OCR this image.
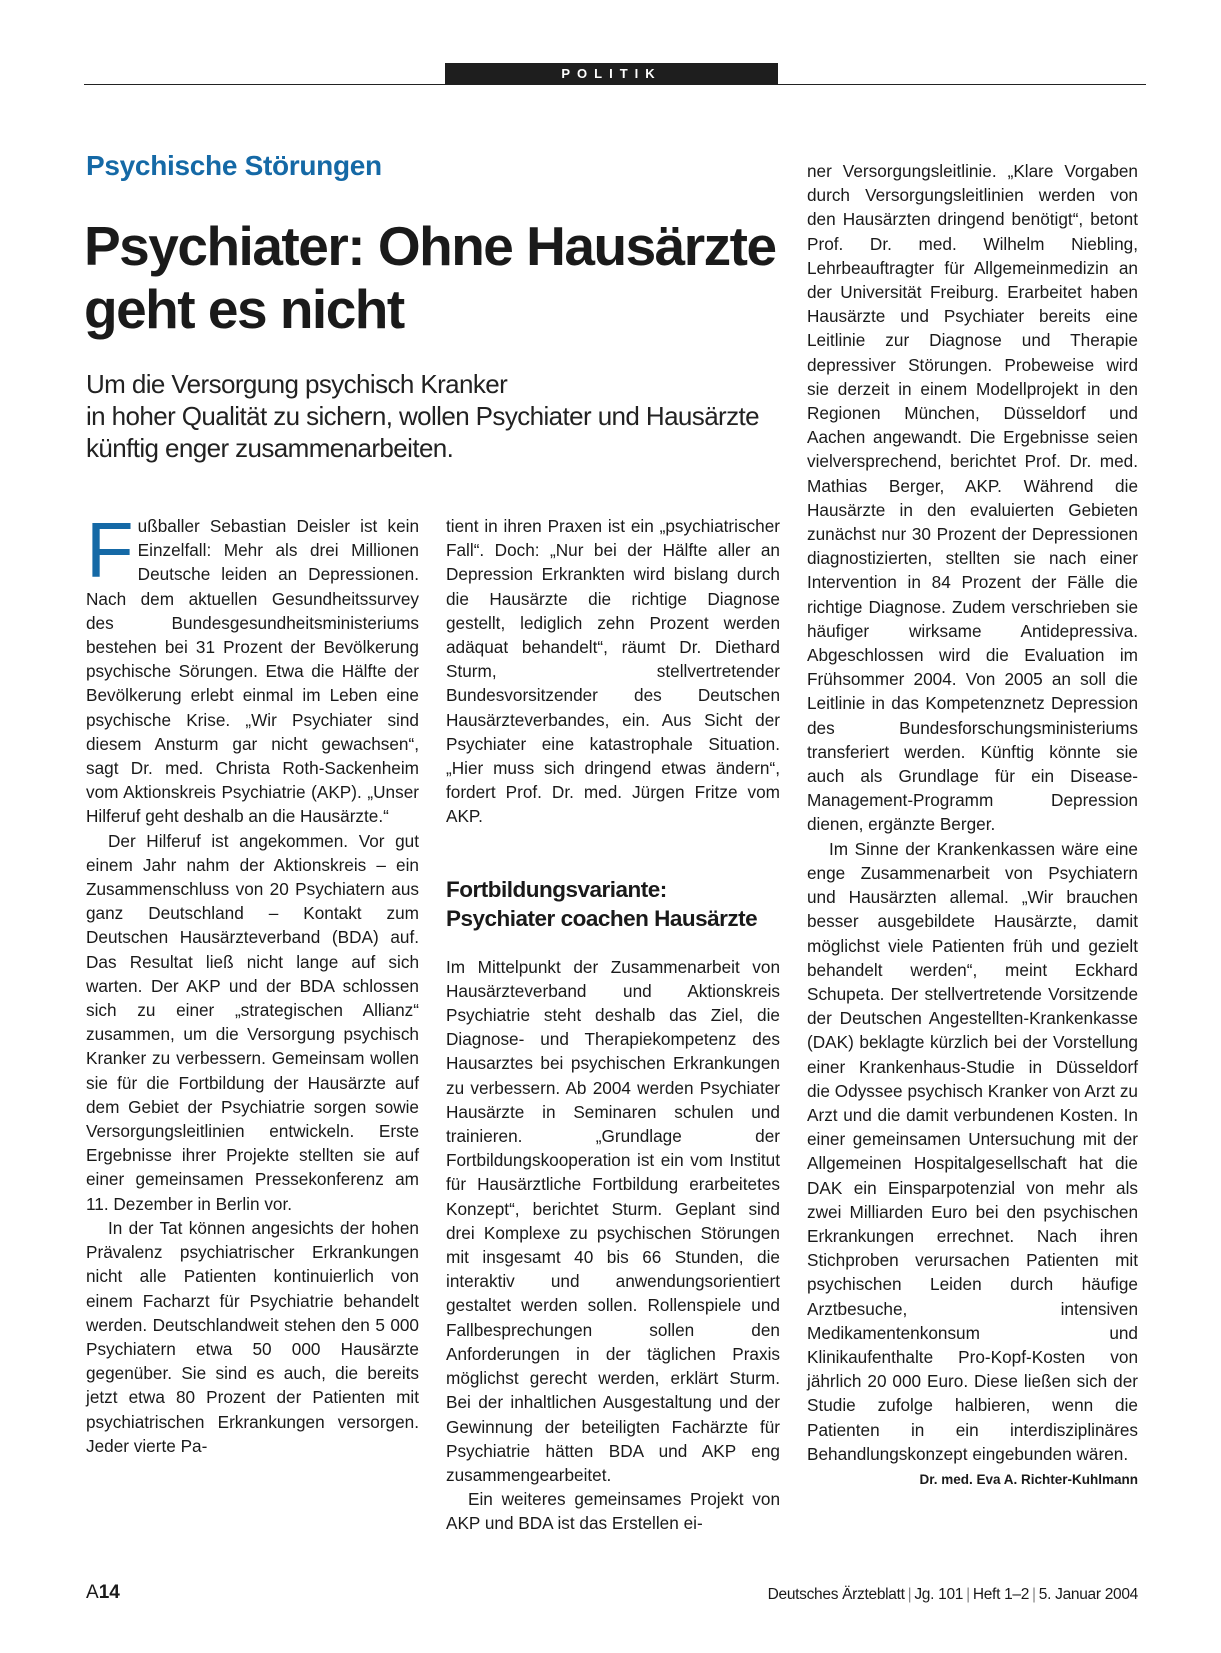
POLITIK
Psychische Störungen
Psychiater: Ohne Hausärzte
geht es nicht
Um die Versorgung psychisch Kranker
in hoher Qualität zu sichern, wollen Psychiater und Hausärzte
künftig enger zusammenarbeiten.

Fußballer Sebastian Deisler ist kein Einzelfall: Mehr als drei Millionen Deutsche leiden an Depressionen. Nach dem aktuellen Gesundheitssurvey des Bundesgesundheitsministeriums bestehen bei 31 Prozent der Bevölkerung psychische Sörungen. Etwa die Hälfte der Bevölkerung erlebt einmal im Leben eine psychische Krise. „Wir Psychiater sind diesem Ansturm gar nicht gewachsen“, sagt Dr. med. Christa Roth-Sackenheim vom Aktionskreis Psychiatrie (AKP). „Unser Hilferuf geht deshalb an die Hausärzte.“

Der Hilferuf ist angekommen. Vor gut einem Jahr nahm der Aktionskreis – ein Zusammenschluss von 20 Psychiatern aus ganz Deutschland – Kontakt zum Deutschen Hausärzteverband (BDA) auf. Das Resultat ließ nicht lange auf sich warten. Der AKP und der BDA schlossen sich zu einer „strategischen Allianz“ zusammen, um die Versorgung psychisch Kranker zu verbessern. Gemeinsam wollen sie für die Fortbildung der Hausärzte auf dem Gebiet der Psychiatrie sorgen sowie Versorgungsleitlinien entwickeln. Erste Ergebnisse ihrer Projekte stellten sie auf einer gemeinsamen Pressekonferenz am 11. Dezember in Berlin vor.

In der Tat können angesichts der hohen Prävalenz psychiatrischer Erkrankungen nicht alle Patienten kontinuierlich von einem Facharzt für Psychiatrie behandelt werden. Deutschlandweit stehen den 5 000 Psychiatern etwa 50 000 Hausärzte gegenüber. Sie sind es auch, die bereits jetzt etwa 80 Prozent der Patienten mit psychiatrischen Erkrankungen versorgen. Jeder vierte Pa-

tient in ihren Praxen ist ein „psychiatrischer Fall“. Doch: „Nur bei der Hälfte aller an Depression Erkrankten wird bislang durch die Hausärzte die richtige Diagnose gestellt, lediglich zehn Prozent werden adäquat behandelt“, räumt Dr. Diethard Sturm, stellvertretender Bundesvorsitzender des Deutschen Hausärzteverbandes, ein. Aus Sicht der Psychiater eine katastrophale Situation. „Hier muss sich dringend etwas ändern“, fordert Prof. Dr. med. Jürgen Fritze vom AKP.

Fortbildungsvariante:
Psychiater coachen Hausärzte

Im Mittelpunkt der Zusammenarbeit von Hausärzteverband und Aktionskreis Psychiatrie steht deshalb das Ziel, die Diagnose- und Therapiekompetenz des Hausarztes bei psychischen Erkrankungen zu verbessern. Ab 2004 werden Psychiater Hausärzte in Seminaren schulen und trainieren. „Grundlage der Fortbildungskooperation ist ein vom Institut für Hausärztliche Fortbildung erarbeitetes Konzept“, berichtet Sturm. Geplant sind drei Komplexe zu psychischen Störungen mit insgesamt 40 bis 66 Stunden, die interaktiv und anwendungsorientiert gestaltet werden sollen. Rollenspiele und Fallbesprechungen sollen den Anforderungen in der täglichen Praxis möglichst gerecht werden, erklärt Sturm. Bei der inhaltlichen Ausgestaltung und der Gewinnung der beteiligten Fachärzte für Psychiatrie hätten BDA und AKP eng zusammengearbeitet.

Ein weiteres gemeinsames Projekt von AKP und BDA ist das Erstellen ei-

ner Versorgungsleitlinie. „Klare Vorgaben durch Versorgungsleitlinien werden von den Hausärzten dringend benötigt“, betont Prof. Dr. med. Wilhelm Niebling, Lehrbeauftragter für Allgemeinmedizin an der Universität Freiburg. Erarbeitet haben Hausärzte und Psychiater bereits eine Leitlinie zur Diagnose und Therapie depressiver Störungen. Probeweise wird sie derzeit in einem Modellprojekt in den Regionen München, Düsseldorf und Aachen angewandt. Die Ergebnisse seien vielversprechend, berichtet Prof. Dr. med. Mathias Berger, AKP. Während die Hausärzte in den evaluierten Gebieten zunächst nur 30 Prozent der Depressionen diagnostizierten, stellten sie nach einer Intervention in 84 Prozent der Fälle die richtige Diagnose. Zudem verschrieben sie häufiger wirksame Antidepressiva. Abgeschlossen wird die Evaluation im Frühsommer 2004. Von 2005 an soll die Leitlinie in das Kompetenznetz Depression des Bundesforschungsministeriums transferiert werden. Künftig könnte sie auch als Grundlage für ein Disease-Management-Programm Depression dienen, ergänzte Berger.

Im Sinne der Krankenkassen wäre eine enge Zusammenarbeit von Psychiatern und Hausärzten allemal. „Wir brauchen besser ausgebildete Hausärzte, damit möglichst viele Patienten früh und gezielt behandelt werden“, meint Eckhard Schupeta. Der stellvertretende Vorsitzende der Deutschen Angestellten-Krankenkasse (DAK) beklagte kürzlich bei der Vorstellung einer Krankenhaus-Studie in Düsseldorf die Odyssee psychisch Kranker von Arzt zu Arzt und die damit verbundenen Kosten. In einer gemeinsamen Untersuchung mit der Allgemeinen Hospitalgesellschaft hat die DAK ein Einsparpotenzial von mehr als zwei Milliarden Euro bei den psychischen Erkrankungen errechnet. Nach ihren Stichproben verursachen Patienten mit psychischen Leiden durch häufige Arztbesuche, intensiven Medikamentenkonsum und Klinikaufenthalte Pro-Kopf-Kosten von jährlich 20 000 Euro. Diese ließen sich der Studie zufolge halbieren, wenn die Patienten in ein interdisziplinäres Behandlungskonzept eingebunden wären.
Dr. med. Eva A. Richter-Kuhlmann

A14	Deutsches Ärzteblatt | Jg. 101 | Heft 1–2 | 5. Januar 2004
